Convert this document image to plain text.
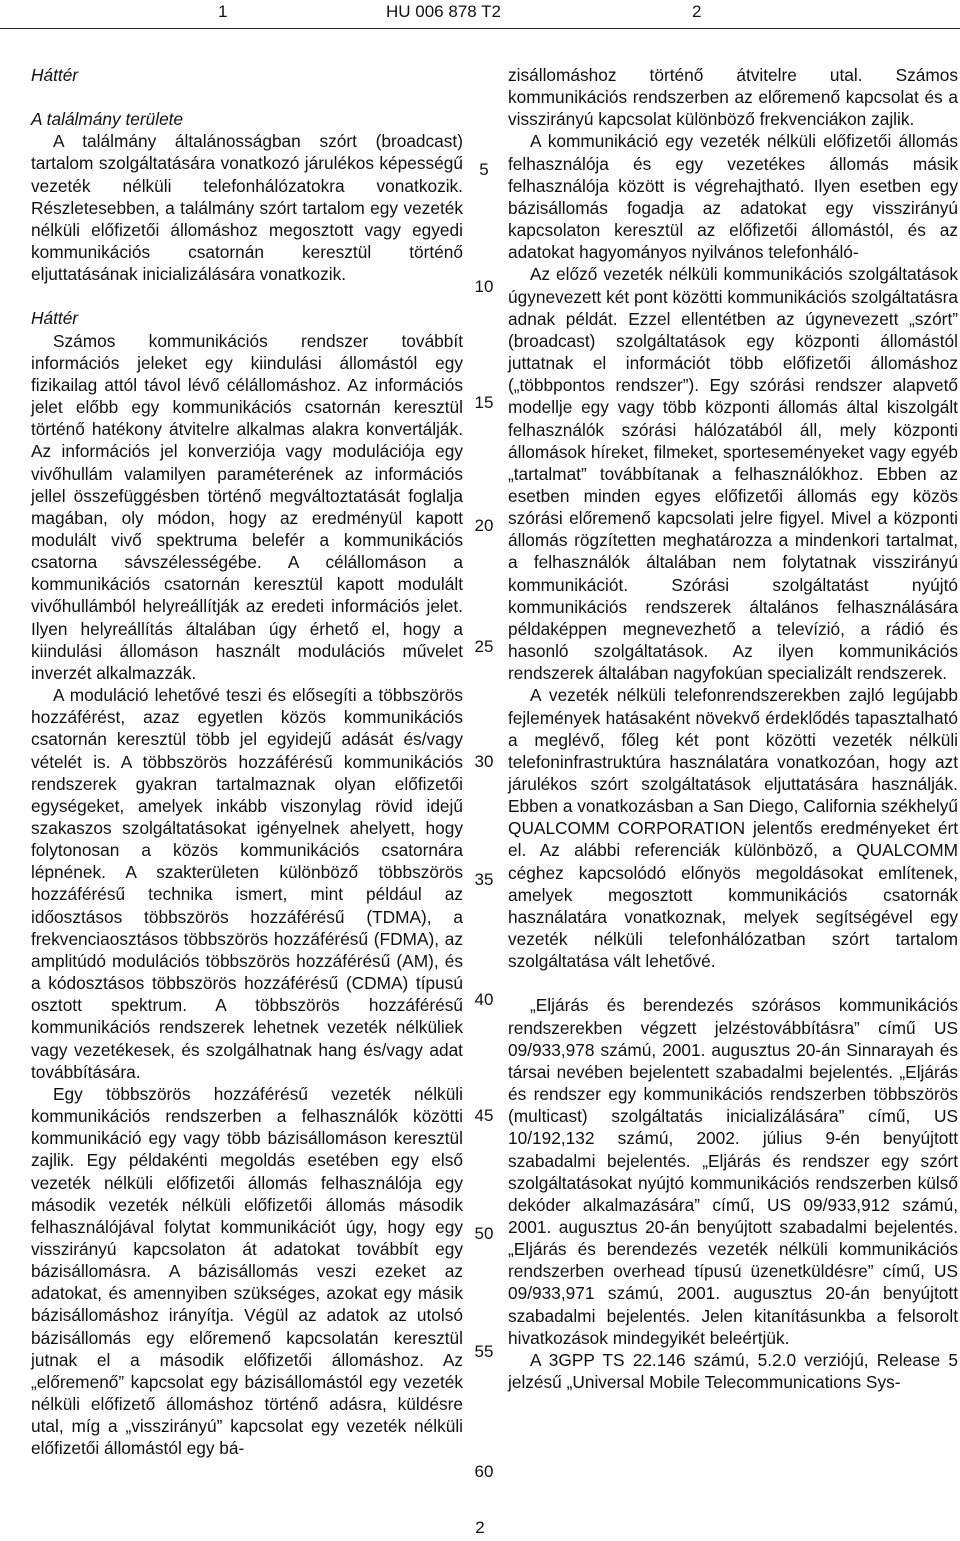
1	HU 006 878 T2	2

Háttér

A találmány területe

A találmány általánosságban szórt (broadcast) tartalom szolgáltatására vonatkozó járulékos képességű vezeték nélküli telefonhálózatokra vonatkozik. Részletesebben, a találmány szórt tartalom egy vezeték nélküli előfizetői állomáshoz megosztott vagy egyedi kommunikációs csatornán keresztül történő eljuttatásának inicializálására vonatkozik.

Háttér

Számos kommunikációs rendszer továbbít információs jeleket egy kiindulási állomástól egy fizikailag attól távol lévő célállomáshoz. Az információs jelet előbb egy kommunikációs csatornán keresztül történő hatékony átvitelre alkalmas alakra konvertálják. Az információs jel konverziója vagy modulációja egy vivőhullám valamilyen paraméterének az információs jellel összefüggésben történő megváltoztatását foglalja magában, oly módon, hogy az eredményül kapott modulált vivő spektruma belefér a kommunikációs csatorna sávszélességébe. A célállomáson a kommunikációs csatornán keresztül kapott modulált vivőhullámból helyreállítják az eredeti információs jelet. Ilyen helyreállítás általában úgy érhető el, hogy a kiindulási állomáson használt modulációs művelet inverzét alkalmazzák.

A moduláció lehetővé teszi és elősegíti a többszörös hozzáférést, azaz egyetlen közös kommunikációs csatornán keresztül több jel egyidejű adását és/vagy vételét is. A többszörös hozzáférésű kommunikációs rendszerek gyakran tartalmaznak olyan előfizetői egységeket, amelyek inkább viszonylag rövid idejű szakaszos szolgáltatásokat igényelnek ahelyett, hogy folytonosan a közös kommunikációs csatornára lépnének. A szakterületen különböző többszörös hozzáférésű technika ismert, mint például az időosztásos többszörös hozzáférésű (TDMA), a frekvenciaosztásos többszörös hozzáférésű (FDMA), az amplitúdó modulációs többszörös hozzáférésű (AM), és a kódosztásos többszörös hozzáférésű (CDMA) típusú osztott spektrum. A többszörös hozzáférésű kommunikációs rendszerek lehetnek vezeték nélküliek vagy vezetékesek, és szolgálhatnak hang és/vagy adat továbbítására.

Egy többszörös hozzáférésű vezeték nélküli kommunikációs rendszerben a felhasználók közötti kommunikáció egy vagy több bázisállomáson keresztül zajlik. Egy példakénti megoldás esetében egy első vezeték nélküli előfizetői állomás felhasználója egy második vezeték nélküli előfizetői állomás második felhasználójával folytat kommunikációt úgy, hogy egy visszirányú kapcsolaton át adatokat továbbít egy bázisállomásra. A bázisállomás veszi ezeket az adatokat, és amennyiben szükséges, azokat egy másik bázisállomáshoz irányítja. Végül az adatok az utolsó bázisállomás egy előremenő kapcsolatán keresztül jutnak el a második előfizetői állomáshoz. Az „előremenő” kapcsolat egy bázisállomástól egy vezeték nélküli előfizető állomáshoz történő adásra, küldésre utal, míg a „visszirányú” kapcsolat egy vezeték nélküli előfizetői állomástól egy bá-

5
10
15
20
25
30
35
40
45
50
55
60

zisállomáshoz történő átvitelre utal. Számos kommunikációs rendszerben az előremenő kapcsolat és a visszirányú kapcsolat különböző frekvenciákon zajlik.

A kommunikáció egy vezeték nélküli előfizetői állomás felhasználója és egy vezetékes állomás másik felhasználója között is végrehajtható. Ilyen esetben egy bázisállomás fogadja az adatokat egy visszirányú kapcsolaton keresztül az előfizetői állomástól, és az adatokat hagyományos nyilvános telefonháló-

Az előző vezeték nélküli kommunikációs szolgáltatások úgynevezett két pont közötti kommunikációs szolgáltatásra adnak példát. Ezzel ellentétben az úgynevezett „szórt” (broadcast) szolgáltatások egy központi állomástól juttatnak el információt több előfizetői állomáshoz („többpontos rendszer”). Egy szórási rendszer alapvető modellje egy vagy több központi állomás által kiszolgált felhasználók szórási hálózatából áll, mely központi állomások híreket, filmeket, sporteseményeket vagy egyéb „tartalmat” továbbítanak a felhasználókhoz. Ebben az esetben minden egyes előfizetői állomás egy közös szórási előremenő kapcsolati jelre figyel. Mivel a központi állomás rögzítetten meghatározza a mindenkori tartalmat, a felhasználók általában nem folytatnak visszirányú kommunikációt. Szórási szolgáltatást nyújtó kommunikációs rendszerek általános felhasználására példaképpen megnevezhető a televízió, a rádió és hasonló szolgáltatások. Az ilyen kommunikációs rendszerek általában nagyfokúan specializált rendszerek.

A vezeték nélküli telefonrendszerekben zajló legújabb fejlemények hatásaként növekvő érdeklődés tapasztalható a meglévő, főleg két pont közötti vezeték nélküli telefoninfrastruktúra használatára vonatkozóan, hogy azt járulékos szórt szolgáltatások eljuttatására használják. Ebben a vonatkozásban a San Diego, California székhelyű QUALCOMM CORPORATION jelentős eredményeket ért el. Az alábbi referenciák különböző, a QUALCOMM céghez kapcsolódó előnyös megoldásokat említenek, amelyek megosztott kommunikációs csatornák használatára vonatkoznak, melyek segítségével egy vezeték nélküli telefonhálózatban szórt tartalom szolgáltatása vált lehetővé.

„Eljárás és berendezés szórásos kommunikációs rendszerekben végzett jelzéstovábbításra” című US 09/933,978 számú, 2001. augusztus 20-án Sinnarayah és társai nevében bejelentett szabadalmi bejelentés. „Eljárás és rendszer egy kommunikációs rendszerben többszörös (multicast) szolgáltatás inicializálására” című, US 10/192,132 számú, 2002. július 9-én benyújtott szabadalmi bejelentés. „Eljárás és rendszer egy szórt szolgáltatásokat nyújtó kommunikációs rendszerben külső dekóder alkalmazására” című, US 09/933,912 számú, 2001. augusztus 20-án benyújtott szabadalmi bejelentés. „Eljárás és berendezés vezeték nélküli kommunikációs rendszerben overhead típusú üzenetküldésre” című, US 09/933,971 számú, 2001. augusztus 20-án benyújtott szabadalmi bejelentés. Jelen kitanításunkba a felsorolt hivatkozások mindegyikét beleértjük.

A 3GPP TS 22.146 számú, 5.2.0 verziójú, Release 5 jelzésű „Universal Mobile Telecommunications Sys-

2
